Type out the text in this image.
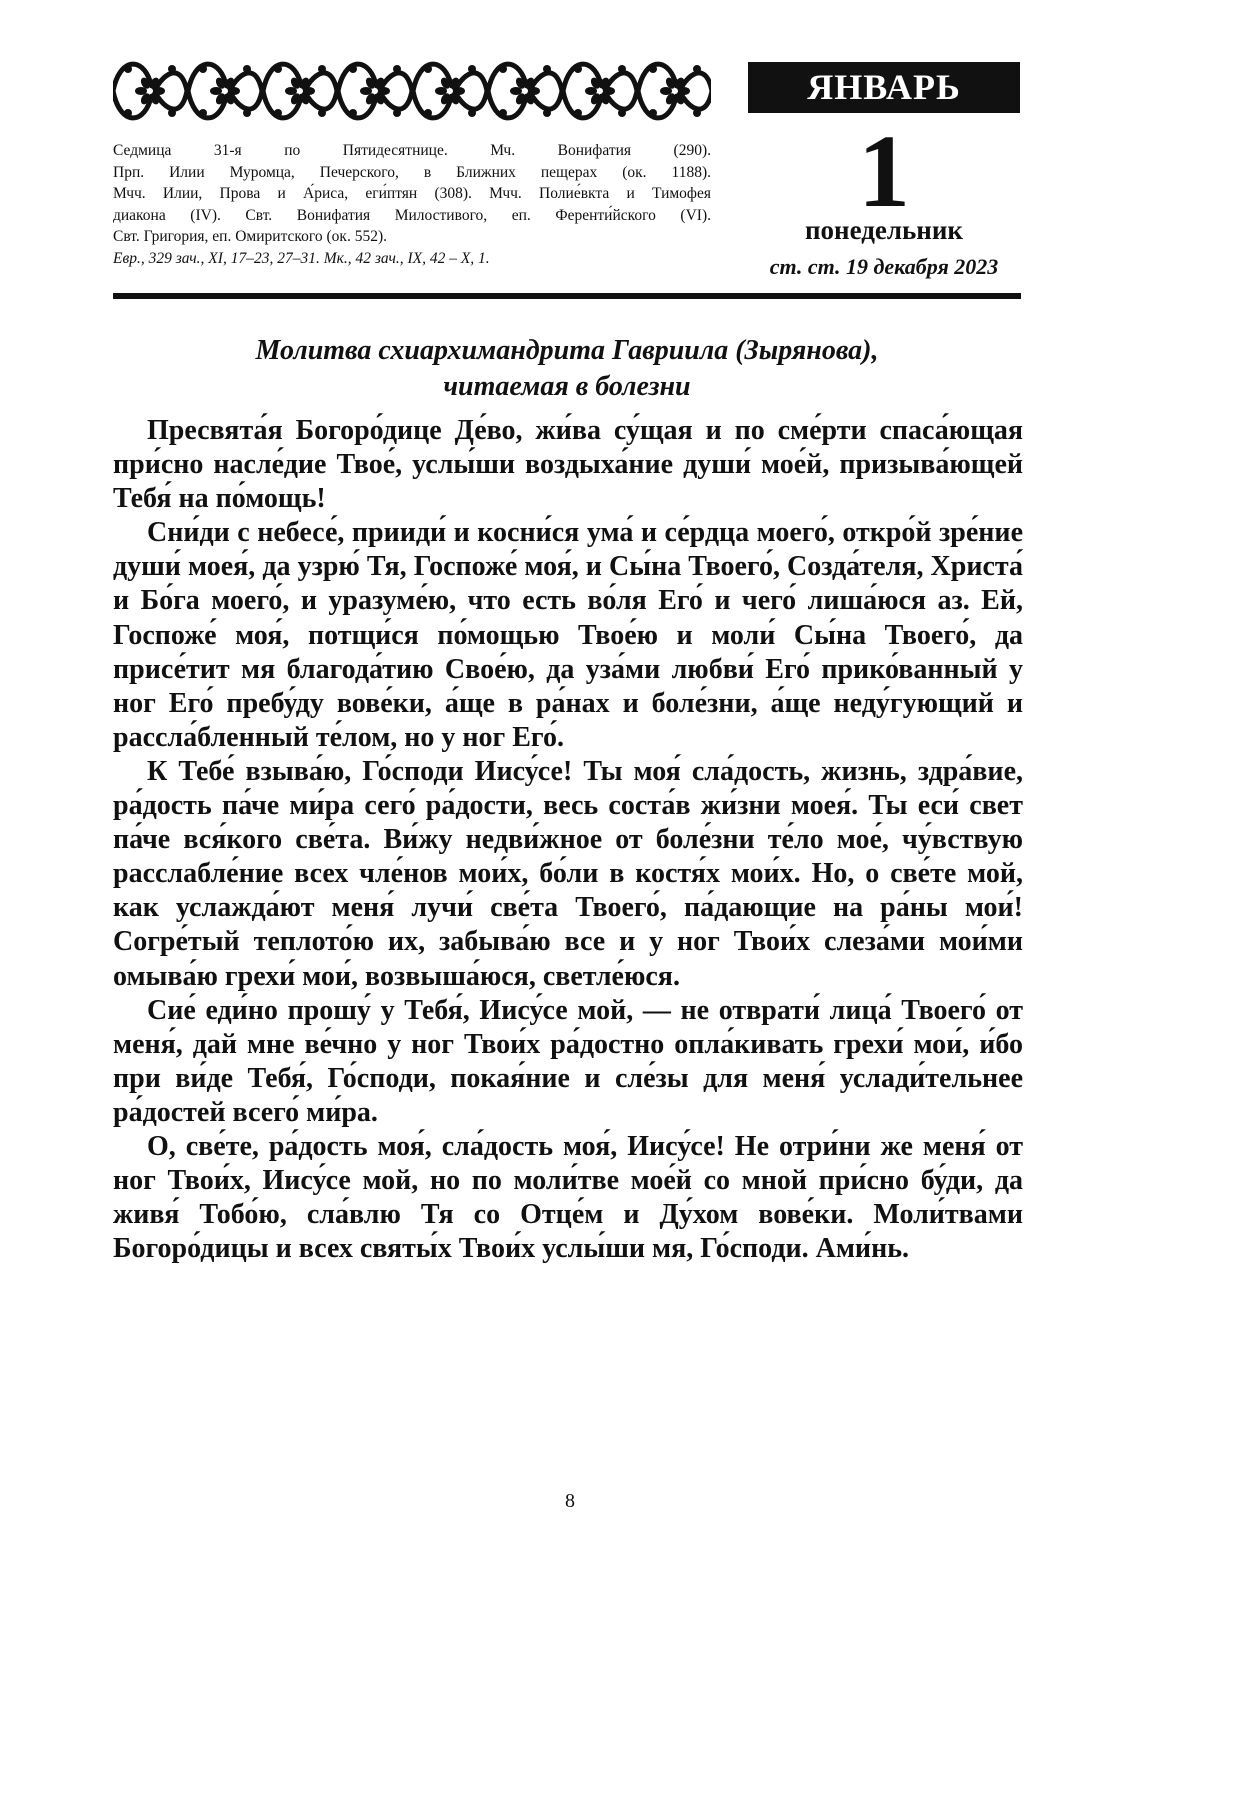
Седмица 31-я по Пятидесятнице. Мч. Вонифатия (290).
Прп. Илии Муромца, Печерского, в Ближних пещерах (ок. 1188).
Мчч. Илии, Прова и А́риса, еги́птян (308). Мчч. Полие́вкта и Тимофея
диакона (IV). Свт. Вонифатия Милостивого, еп. Ференти́йского (VI).
Свт. Григория, еп. Омиритского (ок. 552).
Евр., 329 зач., XI, 17–23, 27–31. Мк., 42 зач., IX, 42 – X, 1.
ЯНВАРЬ
1
понедельник
ст. ст. 19 декабря 2023
Молитва схиархимандрита Гавриила (Зырянова),
читаемая в болезни

Пресвята́я Богоро́дице Де́во, жи́ва су́щая и по сме́рти спаса́ющая при́сно насле́дие Твое́, услы́ши воздыха́ние души́ мое́й, призыва́ющей Тебя́ на по́мощь!

Сни́ди с небесе́, прииди́ и косни́ся ума́ и се́рдца моего́, откро́й зре́ние души́ моея́, да узрю́ Тя, Госпоже́ моя́, и Сы́на Твоего́, Созда́теля, Христа́ и Бо́га моего́, и уразуме́ю, что есть во́ля Его́ и чего́ лиша́юся аз. Ей, Госпоже́ моя́, потщи́ся по́мощью Твое́ю и моли́ Сы́на Твоего́, да присе́тит мя благода́тию Свое́ю, да уза́ми любви́ Его́ прико́ванный у ног Его́ пребу́ду вове́ки, а́ще в ра́нах и боле́зни, а́ще неду́гующий и рассла́бленный те́лом, но у ног Его́.

К Тебе́ взыва́ю, Го́споди Иису́се! Ты моя́ сла́дость, жизнь, здра́вие, ра́дость па́че ми́ра сего́ ра́дости, весь соста́в жи́зни моея́. Ты еси́ свет па́че вся́кого све́та. Ви́жу недви́жное от боле́зни те́ло мое́, чу́вствую расслабле́ние всех чле́нов мои́х, бо́ли в костя́х мои́х. Но, о све́те мой, как услажда́ют меня́ лучи́ све́та Твоего́, па́дающие на ра́ны мои́! Согре́тый теплото́ю их, забыва́ю все и у ног Твои́х слеза́ми мои́ми омыва́ю грехи́ мои́, возвыша́юся, светле́юся.

Сие́ еди́но прошу́ у Тебя́, Иису́се мой, — не отврати́ лица́ Твоего́ от меня́, дай мне ве́чно у ног Твои́х ра́достно опла́кивать грехи́ мои́, и́бо при ви́де Тебя́, Го́споди, покая́ние и сле́зы для меня́ услади́тельнее ра́достей всего́ ми́ра.

О, све́те, ра́дость моя́, сла́дость моя́, Иису́се! Не отри́ни же меня́ от ног Твои́х, Иису́се мой, но по моли́тве мое́й со мной при́сно бу́ди, да живя́ Тобо́ю, сла́влю Тя со Отце́м и Ду́хом вове́ки. Моли́твами Богоро́дицы и всех святы́х Твои́х услы́ши мя, Го́споди. Ами́нь.

8
